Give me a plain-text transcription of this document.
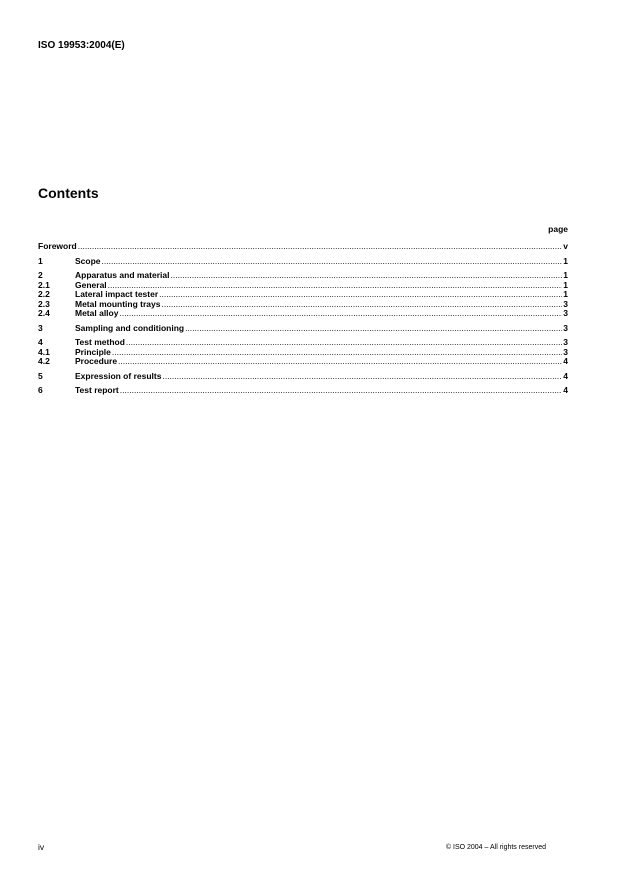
ISO 19953:2004(E)
Contents
page
Foreword .....	v
1	Scope .....	1
2	Apparatus and material .....	1
2.1	General .....	1
2.2	Lateral impact tester .....	1
2.3	Metal mounting trays .....	3
2.4	Metal alloy .....	3
3	Sampling and conditioning .....	3
4	Test method .....	3
4.1	Principle .....	3
4.2	Procedure .....	4
5	Expression of results .....	4
6	Test report .....	4
iv	© ISO 2004 – All rights reserved
